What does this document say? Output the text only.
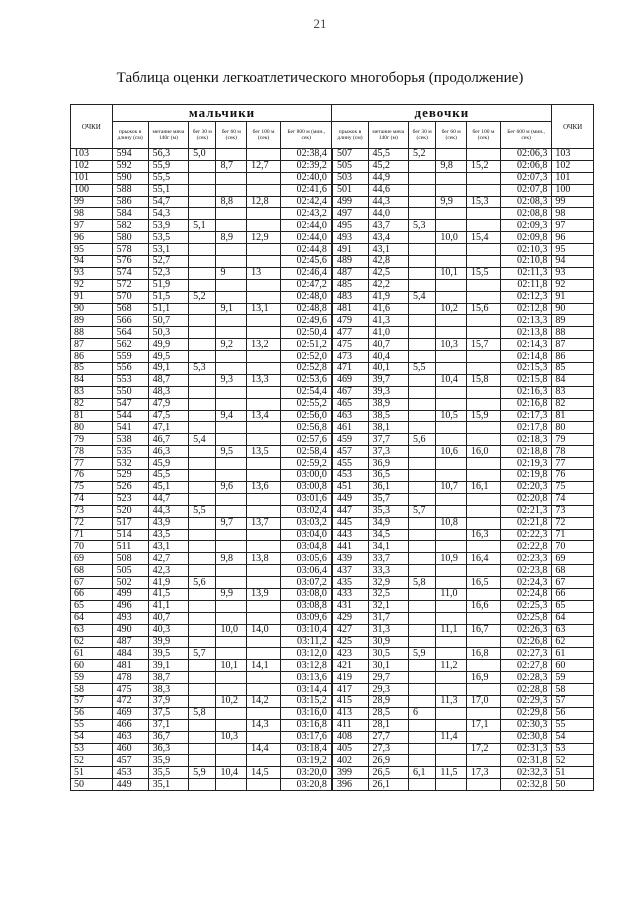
21
Таблица оценки легкоатлетического многоборья (продолжение)
ОЧКИ	мальчики						девочки						ОЧКИ
	прыжок в длину (см)	метание мяча 140г (м)	бег 30 м (сек)	бег 60 м (сек)	бег 100 м (сек)	Бег 800 м (мин., сек)	прыжок в длину (см)	метание мяча 140г (м)	бег 30 м (сек)	бег 60 м (сек)	бег 100 м (сек)	Бег 600 м (мин., сек)	
103	594	56,3	5,0			02:38,4	507	45,5	5,2			02:06,3	103
102	592	55,9		8,7	12,7	02:39,2	505	45,2		9,8	15,2	02:06,8	102
101	590	55,5				02:40,0	503	44,9				02:07,3	101
100	588	55,1				02:41,6	501	44,6				02:07,8	100
99	586	54,7		8,8	12,8	02:42,4	499	44,3		9,9	15,3	02:08,3	99
98	584	54,3				02:43,2	497	44,0				02:08,8	98
97	582	53,9	5,1			02:44,0	495	43,7	5,3			02:09,3	97
96	580	53,5		8,9	12,9	02:44,0	493	43,4		10,0	15,4	02:09,8	96
95	578	53,1				02:44,8	491	43,1				02:10,3	95
94	576	52,7				02:45,6	489	42,8				02:10,8	94
93	574	52,3		9	13	02:46,4	487	42,5		10,1	15,5	02:11,3	93
92	572	51,9				02:47,2	485	42,2				02:11,8	92
91	570	51,5	5,2			02:48,0	483	41,9	5,4			02:12,3	91
90	568	51,1		9,1	13,1	02:48,8	481	41,6		10,2	15,6	02:12,8	90
89	566	50,7				02:49,6	479	41,3				02:13,3	89
88	564	50,3				02:50,4	477	41,0				02:13,8	88
87	562	49,9		9,2	13,2	02:51,2	475	40,7		10,3	15,7	02:14,3	87
86	559	49,5				02:52,0	473	40,4				02:14,8	86
85	556	49,1	5,3			02:52,8	471	40,1	5,5			02:15,3	85
84	553	48,7		9,3	13,3	02:53,6	469	39,7		10,4	15,8	02:15,8	84
83	550	48,3				02:54,4	467	39,3				02:16,3	83
82	547	47,9				02:55,2	465	38,9				02:16,8	82
81	544	47,5		9,4	13,4	02:56,0	463	38,5		10,5	15,9	02:17,3	81
80	541	47,1				02:56,8	461	38,1				02:17,8	80
79	538	46,7	5,4			02:57,6	459	37,7	5,6			02:18,3	79
78	535	46,3		9,5	13,5	02:58,4	457	37,3		10,6	16,0	02:18,8	78
77	532	45,9				02:59,2	455	36,9				02:19,3	77
76	529	45,5				03:00,0	453	36,5				02:19,8	76
75	526	45,1		9,6	13,6	03:00,8	451	36,1		10,7	16,1	02:20,3	75
74	523	44,7				03:01,6	449	35,7				02:20,8	74
73	520	44,3	5,5			03:02,4	447	35,3	5,7			02:21,3	73
72	517	43,9		9,7	13,7	03:03,2	445	34,9		10,8		02:21,8	72
71	514	43,5				03:04,0	443	34,5			16,3	02:22,3	71
70	511	43,1				03:04,8	441	34,1				02:22,8	70
69	508	42,7		9,8	13,8	03:05,6	439	33,7		10,9	16,4	02:23,3	69
68	505	42,3				03:06,4	437	33,3				02:23,8	68
67	502	41,9	5,6			03:07,2	435	32,9	5,8		16,5	02:24,3	67
66	499	41,5		9,9	13,9	03:08,0	433	32,5		11,0		02:24,8	66
65	496	41,1				03:08,8	431	32,1			16,6	02:25,3	65
64	493	40,7				03:09,6	429	31,7				02:25,8	64
63	490	40,3		10,0	14,0	03:10,4	427	31,3		11,1	16,7	02:26,3	63
62	487	39,9				03:11,2	425	30,9				02:26,8	62
61	484	39,5	5,7			03:12,0	423	30,5	5,9		16,8	02:27,3	61
60	481	39,1		10,1	14,1	03:12,8	421	30,1		11,2		02:27,8	60
59	478	38,7				03:13,6	419	29,7			16,9	02:28,3	59
58	475	38,3				03:14,4	417	29,3				02:28,8	58
57	472	37,9		10,2	14,2	03:15,2	415	28,9		11,3	17,0	02:29,3	57
56	469	37,5	5,8			03:16,0	413	28,5	6			02:29,8	56
55	466	37,1			14,3	03:16,8	411	28,1			17,1	02:30,3	55
54	463	36,7		10,3		03:17,6	408	27,7		11,4		02:30,8	54
53	460	36,3			14,4	03:18,4	405	27,3			17,2	02:31,3	53
52	457	35,9				03:19,2	402	26,9				02:31,8	52
51	453	35,5	5,9	10,4	14,5	03:20,0	399	26,5	6,1	11,5	17,3	02:32,3	51
50	449	35,1				03:20,8	396	26,1				02:32,8	50
